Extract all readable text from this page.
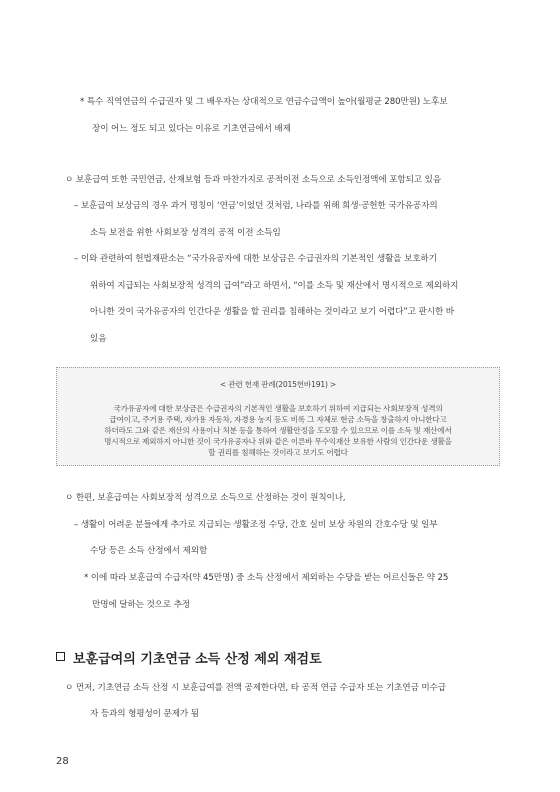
* 특수 직역연금의 수급권자 및 그 배우자는 상대적으로 연금수급액이 높아(월평균 280만원) 노후보
장이 어느 정도 되고 있다는 이유로 기초연금에서 배제
ㅇ 보훈급여 또한 국민연금, 산재보험 등과 마찬가지로 공적이전 소득으로 소득인정액에 포함되고 있음
– 보훈급여 보상금의 경우 과거 명칭이 ‘연금’이었던 것처럼, 나라를 위해 희생·공헌한 국가유공자의
소득 보전을 위한 사회보장 성격의 공적 이전 소득임
– 이와 관련하여 헌법재판소는 “국가유공자에 대한 보상금은 수급권자의 기본적인 생활을 보호하기
위하여 지급되는 사회보장적 성격의 급여”라고 하면서, “이를 소득 및 재산에서 명시적으로 제외하지
아니한 것이 국가유공자의 인간다운 생활을 할 권리를 침해하는 것이라고 보기 어렵다”고 판시한 바
있음
< 관련 헌재 판례(2015헌바191) >
국가유공자에 대한 보상금은 수급권자의 기본적인 생활을 보호하기 위하여 지급되는 사회보장적 성격의
급여이고, 주거용 주택, 자가용 자동차, 자경용 농지 등도 비록 그 자체로 현금 소득을 창출하지 아니한다고
하더라도 그와 같은 재산의 사용이나 처분 등을 통하여 생활안정을 도모할 수 있으므로 이를 소득 및 재산에서
명시적으로 제외하지 아니한 것이 국가유공자나 위와 같은 이른바 무수익재산 보유한 사람의 인간다운 생활을
할 권리를 침해하는 것이라고 보기도 어렵다
ㅇ 한편, 보훈급여는 사회보장적 성격으로 소득으로 산정하는 것이 원칙이나,
– 생활이 어려운 분들에게 추가로 지급되는 생활조정 수당, 간호 실비 보상 차원의 간호수당 및 일부
수당 등은 소득 산정에서 제외함
* 이에 따라 보훈급여 수급자(약 45만명) 중 소득 산정에서 제외하는 수당을 받는 어르신들은 약 25
만명에 달하는 것으로 추정
보훈급여의 기초연금 소득 산정 제외 재검토
ㅇ 먼저, 기초연금 소득 산정 시 보훈급여를 전액 공제한다면, 타 공적 연금 수급자 또는 기초연금 미수급
자 등과의 형평성이 문제가 됨
28
